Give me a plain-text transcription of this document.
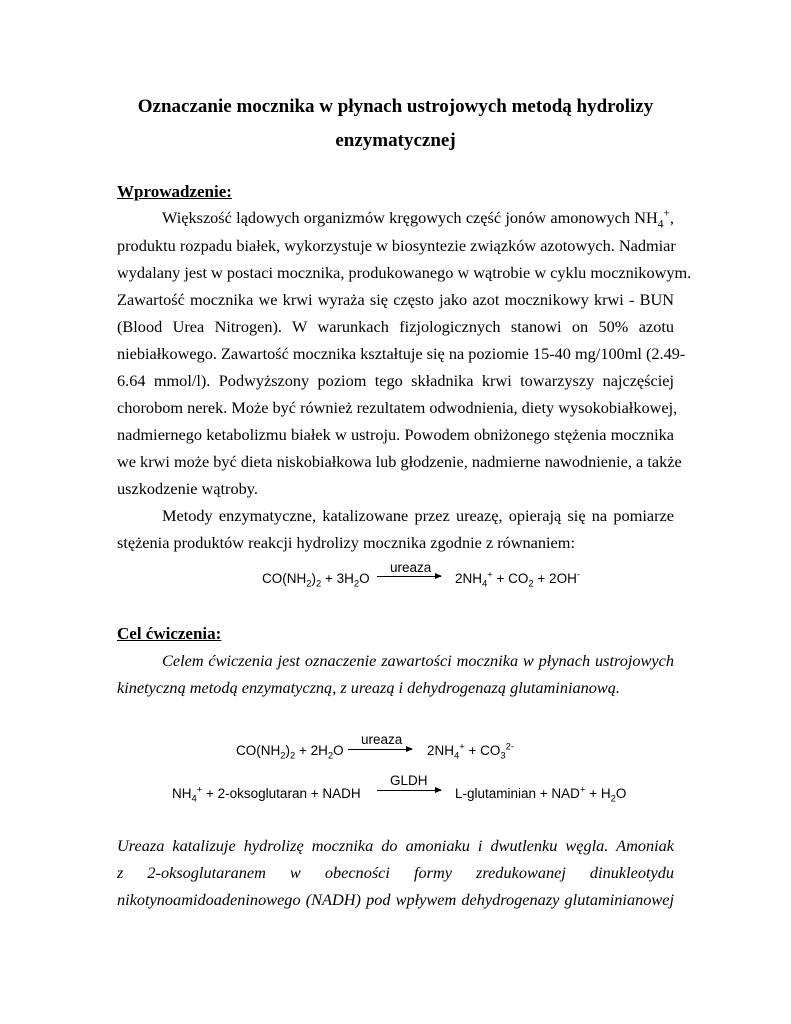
Oznaczanie mocznika w płynach ustrojowych metodą hydrolizy
enzymatycznej
Wprowadzenie:
Większość lądowych organizmów kręgowych część jonów amonowych $NH_4^+$,
produktu rozpadu białek, wykorzystuje w biosyntezie związków azotowych. Nadmiar
wydalany jest w postaci mocznika, produkowanego w wątrobie w cyklu mocznikowym.
Zawartość mocznika we krwi wyraża się często jako azot mocznikowy krwi - BUN
(Blood Urea Nitrogen). W warunkach fizjologicznych stanowi on 50% azotu
niebiałkowego. Zawartość mocznika kształtuje się na poziomie 15-40 mg/100ml (2.49-
6.64 mmol/l). Podwyższony poziom tego składnika krwi towarzyszy najczęściej
chorobom nerek. Może być również rezultatem odwodnienia, diety wysokobiałkowej,
nadmiernego ketabolizmu białek w ustroju. Powodem obniżonego stężenia mocznika
we krwi może być dieta niskobiałkowa lub głodzenie, nadmierne nawodnienie, a także
uszkodzenie wątroby.
Metody enzymatyczne, katalizowane przez ureazę, opierają się na pomiarze
stężenia produktów reakcji hydrolizy mocznika zgodnie z równaniem:
ureaza
$CO(NH_2)_2 + 3H_2O$	$2NH_4^+ + CO_2 + 2OH^-$
Cel ćwiczenia:
Celem ćwiczenia jest oznaczenie zawartości mocznika w płynach ustrojowych
kinetyczną metodą enzymatyczną, z ureazą i dehydrogenazą glutaminianową.
ureaza
$CO(NH_2)_2 + 2H_2O$	$2NH_4^+ + CO_3^{2-}$
GLDH
$NH_4^+$ + 2-oksoglutaran + NADH	L-glutaminian + $NAD^+ + H_2O$
Ureaza katalizuje hydrolizę mocznika do amoniaku i dwutlenku węgla. Amoniak
z 2-oksoglutaranem w obecności formy zredukowanej dinukleotydu
nikotynoamidoadeninowego (NADH) pod wpływem dehydrogenazy glutaminianowej
